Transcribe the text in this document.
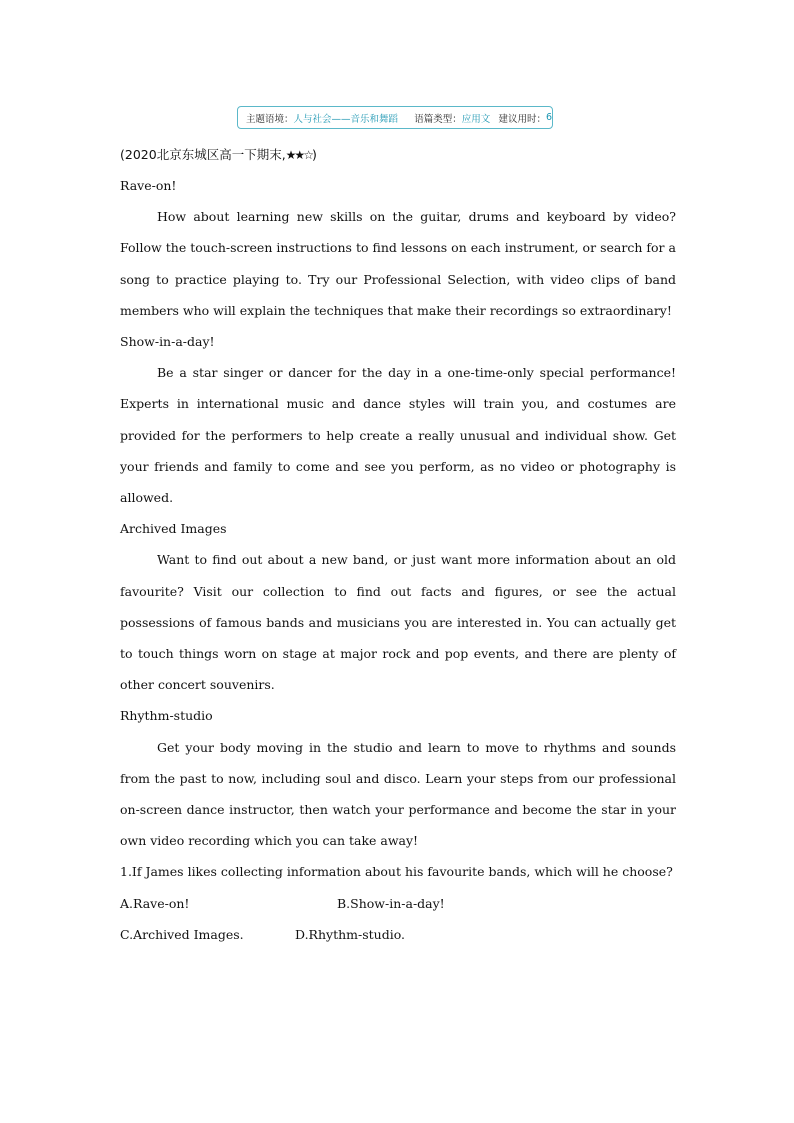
主题语境： 人与社会——音乐和舞蹈 语篇类型： 应用文 建议用时： 6
(2020北京东城区高一下期末,★★☆)

Rave-on!

How about learning new skills on the guitar, drums and keyboard by video? Follow the touch-screen instructions to find lessons on each instrument, or search for a song to practice playing to. Try our Professional Selection, with video clips of band members who will explain the techniques that make their recordings so extraordinary!

Show-in-a-day!

Be a star singer or dancer for the day in a one-time-only special performance! Experts in international music and dance styles will train you, and costumes are provided for the performers to help create a really unusual and individual show. Get your friends and family to come and see you perform, as no video or photography is allowed.

Archived Images

Want to find out about a new band, or just want more information about an old favourite? Visit our collection to find out facts and figures, or see the actual possessions of famous bands and musicians you are interested in. You can actually get to touch things worn on stage at major rock and pop events, and there are plenty of other concert souvenirs.

Rhythm-studio

Get your body moving in the studio and learn to move to rhythms and sounds from the past to now, including soul and disco. Learn your steps from our professional on-screen dance instructor, then watch your performance and become the star in your own video recording which you can take away!

1.If James likes collecting information about his favourite bands, which will he choose?

A.Rave-on!	B.Show-in-a-day!
C.Archived Images.	D.Rhythm-studio.
